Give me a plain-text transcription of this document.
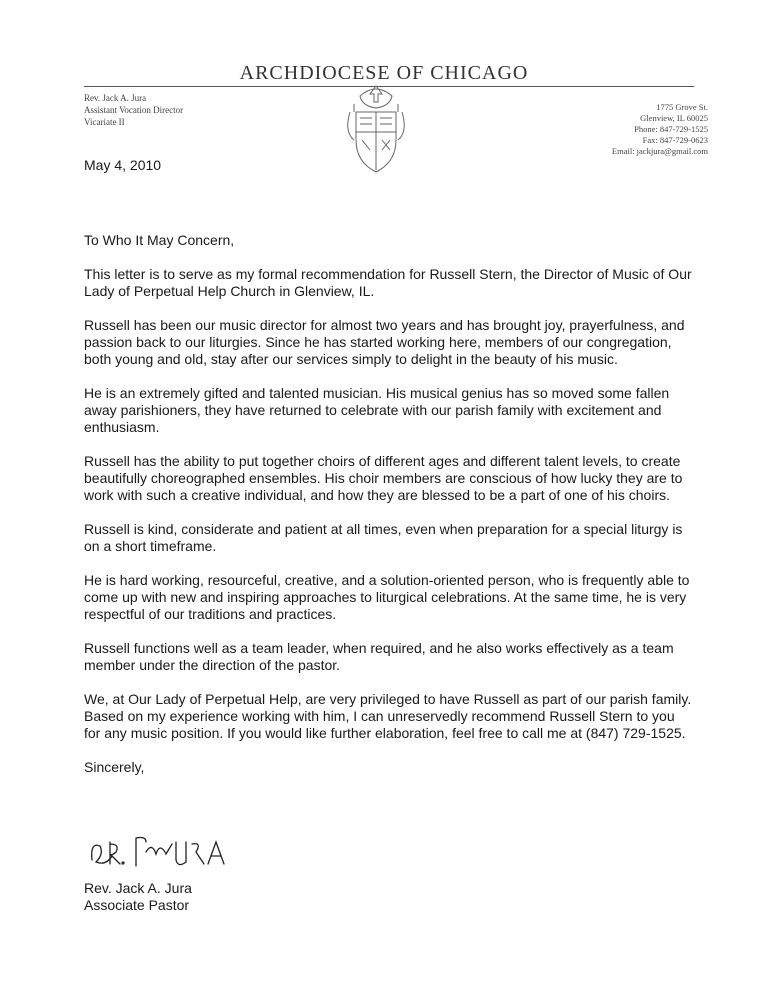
ARCHDIOCESE OF CHICAGO
Rev. Jack A. Jura
Assistant Vocation Director
Vicariate II
1775 Grove St.
Glenview, IL 60025
Phone: 847-729-1525
Fax: 847-729-0623
Email: jackjura@gmail.com
May 4, 2010

To Who It May Concern,

This letter is to serve as my formal recommendation for Russell Stern, the Director of Music of Our Lady of Perpetual Help Church in Glenview, IL.

Russell has been our music director for almost two years and has brought joy, prayerfulness, and passion back to our liturgies. Since he has started working here, members of our congregation, both young and old, stay after our services simply to delight in the beauty of his music.

He is an extremely gifted and talented musician. His musical genius has so moved some fallen away parishioners, they have returned to celebrate with our parish family with excitement and enthusiasm.

Russell has the ability to put together choirs of different ages and different talent levels, to create beautifully choreographed ensembles. His choir members are conscious of how lucky they are to work with such a creative individual, and how they are blessed to be a part of one of his choirs.

Russell is kind, considerate and patient at all times, even when preparation for a special liturgy is on a short timeframe.

He is hard working, resourceful, creative, and a solution-oriented person, who is frequently able to come up with new and inspiring approaches to liturgical celebrations. At the same time, he is very respectful of our traditions and practices.

Russell functions well as a team leader, when required, and he also works effectively as a team member under the direction of the pastor.

We, at Our Lady of Perpetual Help, are very privileged to have Russell as part of our parish family. Based on my experience working with him, I can unreservedly recommend Russell Stern to you for any music position. If you would like further elaboration, feel free to call me at (847) 729-1525.

Sincerely,

Rev. Jack A. Jura
Associate Pastor
